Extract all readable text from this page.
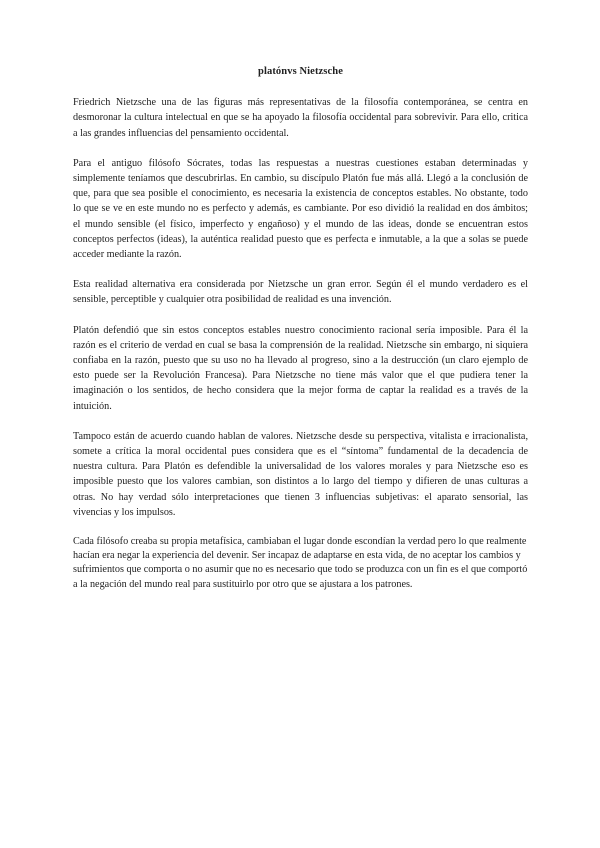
platónvs Nietzsche

Friedrich Nietzsche una de las figuras más representativas de la filosofía contemporánea, se centra en desmoronar la cultura intelectual en que se ha apoyado la filosofía occidental para sobrevivir. Para ello, critica a las grandes influencias del pensamiento occidental.

Para el antiguo filósofo Sócrates, todas las respuestas a nuestras cuestiones estaban determinadas y simplemente teníamos que descubrirlas. En cambio, su discípulo Platón fue más allá. Llegó a la conclusión de que, para que sea posible el conocimiento, es necesaria la existencia de conceptos estables. No obstante, todo lo que se ve en este mundo no es perfecto y además, es cambiante. Por eso dividió la realidad en dos ámbitos; el mundo sensible (el físico, imperfecto y engañoso) y el mundo de las ideas, donde se encuentran estos conceptos perfectos (ideas), la auténtica realidad puesto que es perfecta e inmutable, a la que a solas se puede acceder mediante la razón.

Esta realidad alternativa era considerada por Nietzsche un gran error. Según él el mundo verdadero es el sensible, perceptible y cualquier otra posibilidad de realidad es una invención.

Platón defendió que sin estos conceptos estables nuestro conocimiento racional sería imposible. Para él la razón es el criterio de verdad en cual se basa la comprensión de la realidad. Nietzsche sin embargo, ni siquiera confiaba en la razón, puesto que su uso no ha llevado al progreso, sino a la destrucción (un claro ejemplo de esto puede ser la Revolución Francesa). Para Nietzsche no tiene más valor que el que pudiera tener la imaginación o los sentidos, de hecho considera que la mejor forma de captar la realidad es a través de la intuición.

Tampoco están de acuerdo cuando hablan de valores. Nietzsche desde su perspectiva, vitalista e irracionalista, somete a crítica la moral occidental pues considera que es el “síntoma” fundamental de la decadencia de nuestra cultura. Para Platón es defendible la universalidad de los valores morales y para Nietzsche eso es imposible puesto que los valores cambian, son distintos a lo largo del tiempo y difieren de unas culturas a otras. No hay verdad sólo interpretaciones que tienen 3 influencias subjetivas: el aparato sensorial, las vivencias y los impulsos.

Cada filósofo creaba su propia metafísica, cambiaban el lugar donde escondían la verdad pero lo que realmente hacían era negar la experiencia del devenir. Ser incapaz de adaptarse en esta vida, de no aceptar los cambios y sufrimientos que comporta o no asumir que no es necesario que todo se produzca con un fin es el que comportó a la negación del mundo real para sustituirlo por otro que se ajustara a los patrones.
